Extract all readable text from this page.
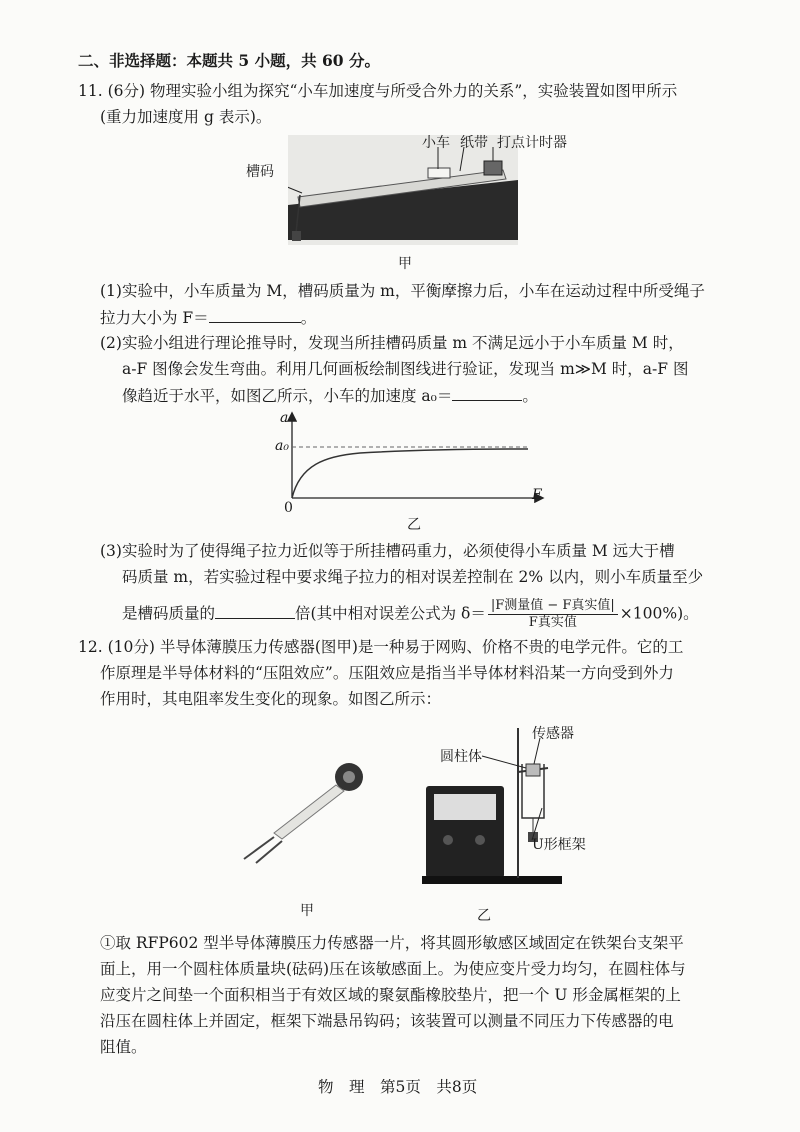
二、非选择题：本题共 5 小题，共 60 分。
11. (6分) 物理实验小组为探究“小车加速度与所受合外力的关系”，实验装置如图甲所示
(重力加速度用 g 表示)。
槽码
小车 纸带 打点计时器
甲
(1)实验中，小车质量为 M，槽码质量为 m，平衡摩擦力后，小车在运动过程中所受绳子
拉力大小为 F＝	。
(2)实验小组进行理论推导时，发现当所挂槽码质量 m 不满足远小于小车质量 M 时，
a-F 图像会发生弯曲。利用几何画板绘制图线进行验证，发现当 m≫M 时，a-F 图
像趋近于水平，如图乙所示，小车的加速度 a₀＝	。
a
a₀
F
0
乙
(3)实验时为了使得绳子拉力近似等于所挂槽码重力，必须使得小车质量 M 远大于槽
码质量 m，若实验过程中要求绳子拉力的相对误差控制在 2% 以内，则小车质量至少
是槽码质量的	倍(其中相对误差公式为 $\delta= \frac{\text{|F测量值 − F真实值|}}{\text{F真实值}} \times 100\%$)。
12. (10分) 半导体薄膜压力传感器(图甲)是一种易于网购、价格不贵的电学元件。它的工
作原理是半导体材料的“压阻效应”。压阻效应是指当半导体材料沿某一方向受到外力
作用时，其电阻率发生变化的现象。如图乙所示：
甲
传感器
圆柱体
U形框架
乙
①取 RFP602 型半导体薄膜压力传感器一片，将其圆形敏感区域固定在铁架台支架平
面上，用一个圆柱体质量块(砝码)压在该敏感面上。为使应变片受力均匀，在圆柱体与
应变片之间垫一个面积相当于有效区域的聚氨酯橡胶垫片，把一个 U 形金属框架的上
沿压在圆柱体上并固定，框架下端悬吊钩码；该装置可以测量不同压力下传感器的电
阻值。
物　理　第5页　共8页
